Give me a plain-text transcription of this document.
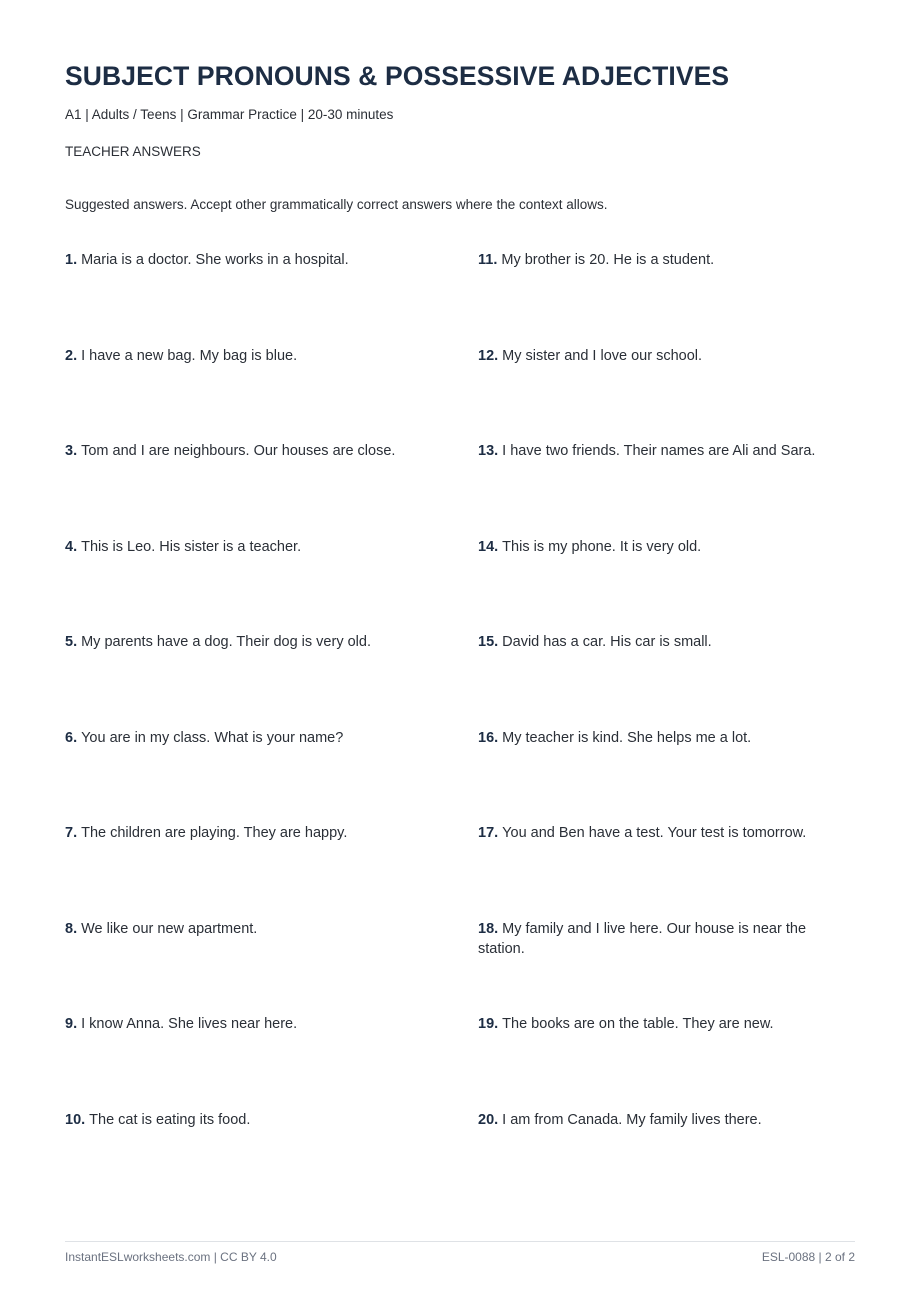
SUBJECT PRONOUNS & POSSESSIVE ADJECTIVES
A1 | Adults / Teens | Grammar Practice | 20-30 minutes
TEACHER ANSWERS
Suggested answers. Accept other grammatically correct answers where the context allows.
1. Maria is a doctor. She works in a hospital.	11. My brother is 20. He is a student.
2. I have a new bag. My bag is blue.	12. My sister and I love our school.
3. Tom and I are neighbours. Our houses are close.	13. I have two friends. Their names are Ali and Sara.
4. This is Leo. His sister is a teacher.	14. This is my phone. It is very old.
5. My parents have a dog. Their dog is very old.	15. David has a car. His car is small.
6. You are in my class. What is your name?	16. My teacher is kind. She helps me a lot.
7. The children are playing. They are happy.	17. You and Ben have a test. Your test is tomorrow.
8. We like our new apartment.	18. My family and I live here. Our house is near the station.
9. I know Anna. She lives near here.	19. The books are on the table. They are new.
10. The cat is eating its food.	20. I am from Canada. My family lives there.
InstantESLworksheets.com | CC BY 4.0	ESL-0088 | 2 of 2
